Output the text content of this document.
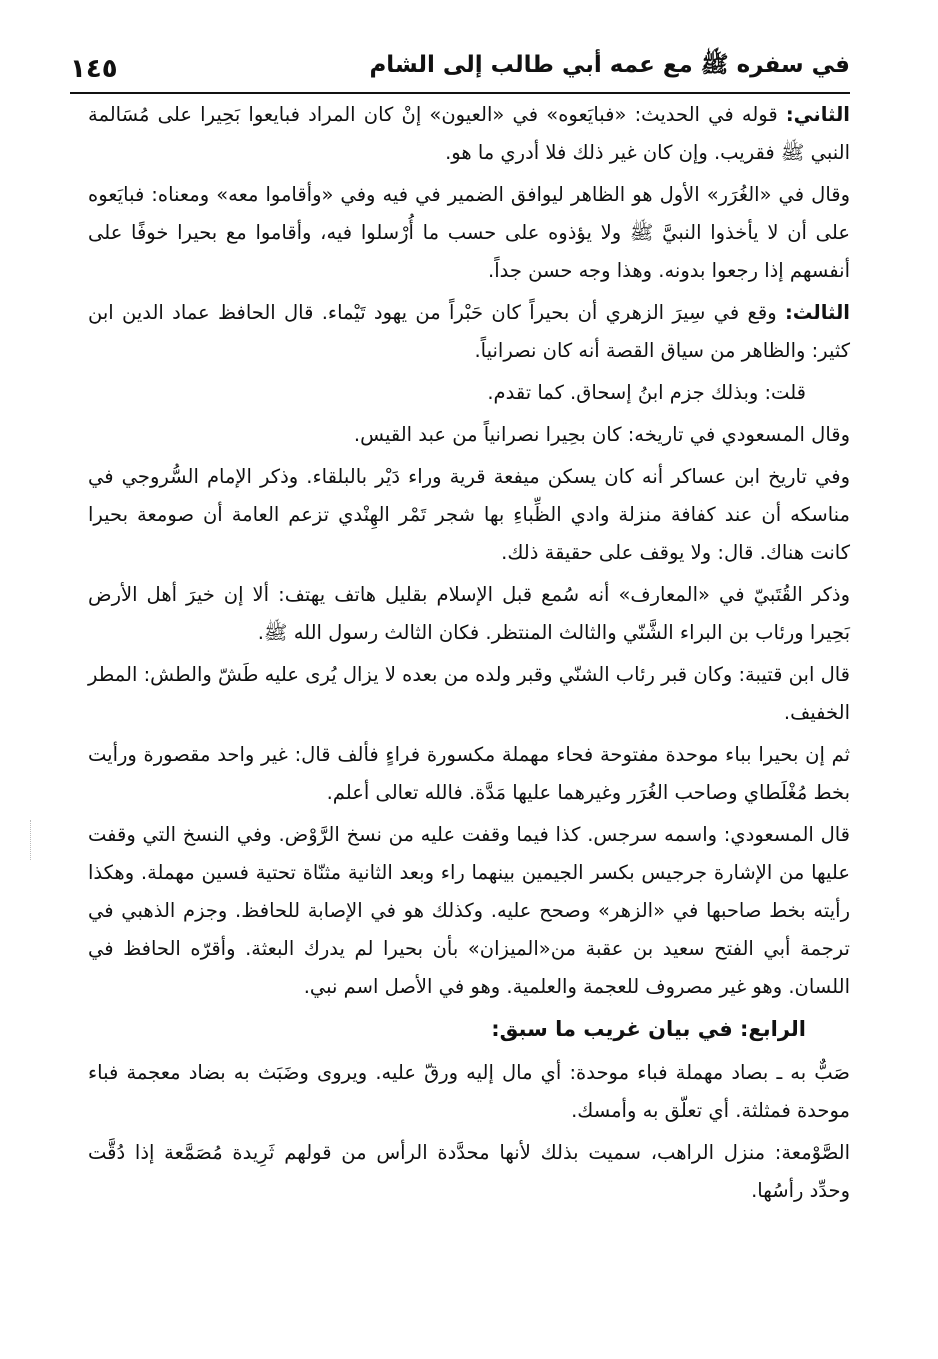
١٤٥	في سفره ﷺ مع عمه أبي طالب إلى الشام

الثاني: قوله في الحديث: «فبايَعوه» في «العيون» إنْ كان المراد فبايعوا بَحِيرا على مُسَالمة النبي ﷺ فقريب. وإن كان غير ذلك فلا أدري ما هو.

وقال في «الغُرَر» الأول هو الظاهر ليوافق الضمير في فيه وفي «وأقاموا معه» ومعناه: فبايَعوه على أن لا يأخذوا النبيَّ ﷺ ولا يؤذوه على حسب ما أُرْسلوا فيه، وأقاموا مع بحيرا خوفًا على أنفسهم إذا رجعوا بدونه. وهذا وجه حسن جداً.

الثالث: وقع في سِيرَ الزهري أن بحيراً كان حَبْراً من يهود تَيْماء. قال الحافظ عماد الدين ابن كثير: والظاهر من سياق القصة أنه كان نصرانياً.

قلت: وبذلك جزم ابنُ إسحاق. كما تقدم.

وقال المسعودي في تاريخه: كان بحِيرا نصرانياً من عبد القيس.

وفي تاريخ ابن عساكر أنه كان يسكن ميفعة قرية وراء دَيْر بالبلقاء. وذكر الإمام السُّروجي في مناسكه أن عند كفافة منزلة وادي الظِّباءِ بها شجر تَمْر الهِنْدي تزعم العامة أن صومعة بحيرا كانت هناك. قال: ولا يوقف على حقيقة ذلك.

وذكر القُتَبيّ في «المعارف» أنه سُمع قبل الإسلام بقليل هاتف يهتف: ألا إن خيرَ أهل الأرض بَحِيرا ورئاب بن البراء الشَّنّي والثالث المنتظر. فكان الثالث رسول الله ﷺ.

قال ابن قتيبة: وكان قبر رئاب الشنّي وقبر ولده من بعده لا يزال يُرى عليه طَشّ والطش: المطر الخفيف.

ثم إن بحيرا بباء موحدة مفتوحة فحاء مهملة مكسورة فراءٍ فألف قال: غير واحد مقصورة ورأيت بخط مُغْلَطاي وصاحب الغُرَر وغيرهما عليها مَدَّة. فالله تعالى أعلم.

قال المسعودي: واسمه سرجس. كذا فيما وقفت عليه من نسخ الرَّوْض. وفي النسخ التي وقفت عليها من الإشارة جرجيس بكسر الجيمين بينهما راء وبعد الثانية مثنّاة تحتية فسين مهملة. وهكذا رأيته بخط صاحبها في «الزهر» وصحح عليه. وكذلك هو في الإصابة للحافظ. وجزم الذهبي في ترجمة أبي الفتح سعيد بن عقبة من«الميزان» بأن بحيرا لم يدرك البعثة. وأقرّه الحافظ في اللسان. وهو غير مصروف للعجمة والعلمية. وهو في الأصل اسم نبي.

الرابع: في بيان غريب ما سبق:

صَبٌّ به ـ بصاد مهملة فباء موحدة: أي مال إليه ورقّ عليه. ويروى وضَبَث به بضاد معجمة فباء موحدة فمثلثة. أي تعلّق به وأمسك.

الصَّوْمعة: منزل الراهب، سميت بذلك لأنها محدَّدة الرأس من قولهم ثَرِيدة مُصَمَّعة إذا دُقَّت وحدِّد رأسُها.
